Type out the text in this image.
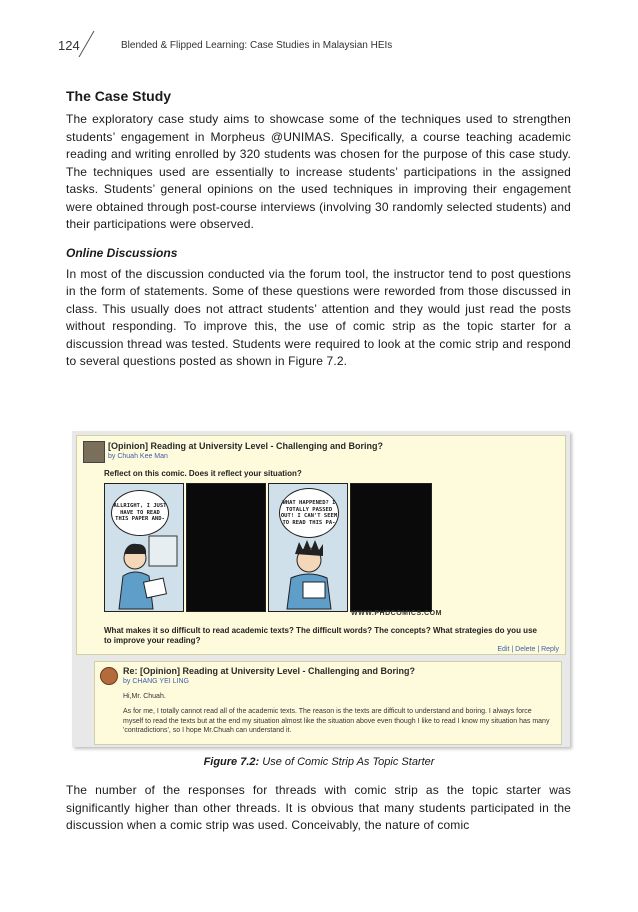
124	Blended & Flipped Learning: Case Studies in Malaysian HEIs
The Case Study

The exploratory case study aims to showcase some of the techniques used to strengthen students’ engagement in Morpheus @UNIMAS. Specifically, a course teaching academic reading and writing enrolled by 320 students was chosen for the purpose of this case study. The techniques used are essentially to increase students’ participations in the assigned tasks. Students’ general opinions on the used techniques in improving their engagement were obtained through post-course interviews (involving 30 randomly selected students) and their participations were observed.

Online Discussions

In most of the discussion conducted via the forum tool, the instructor tend to post questions in the form of statements. Some of these questions were reworded from those discussed in class. This usually does not attract students’ attention and they would just read the posts without responding. To improve this, the use of comic strip as the topic starter for a discussion thread was tested. Students were required to look at the comic strip and respond to several questions posted as shown in Figure 7.2.

[Opinion] Reading at University Level - Challenging and Boring?
by Chuah Kee Man
Reflect on this comic. Does it reflect your situation?
ALLRIGHT, I JUST HAVE TO READ THIS PAPER AND-
WHAT HAPPENED? I TOTALLY PASSED OUT! I CAN'T SEEM TO READ THIS PA-
WWW.PHDCOMICS.COM
What makes it so difficult to read academic texts? The difficult words? The concepts? What strategies do you use to improve your reading?
Edit | Delete | Reply
Re: [Opinion] Reading at University Level - Challenging and Boring?
by CHANG YEI LING
Hi,Mr. Chuah.
As for me, I totally cannot read all of the academic texts. The reason is the texts are difficult to understand and boring. I always force myself to read the texts but at the end my situation almost like the situation above even though I like to read I know my situation has many 'contradictions', so I hope Mr.Chuah can understand it.
Figure 7.2: Use of Comic Strip As Topic Starter

The number of the responses for threads with comic strip as the topic starter was significantly higher than other threads. It is obvious that many students participated in the discussion when a comic strip was used. Conceivably, the nature of comic
